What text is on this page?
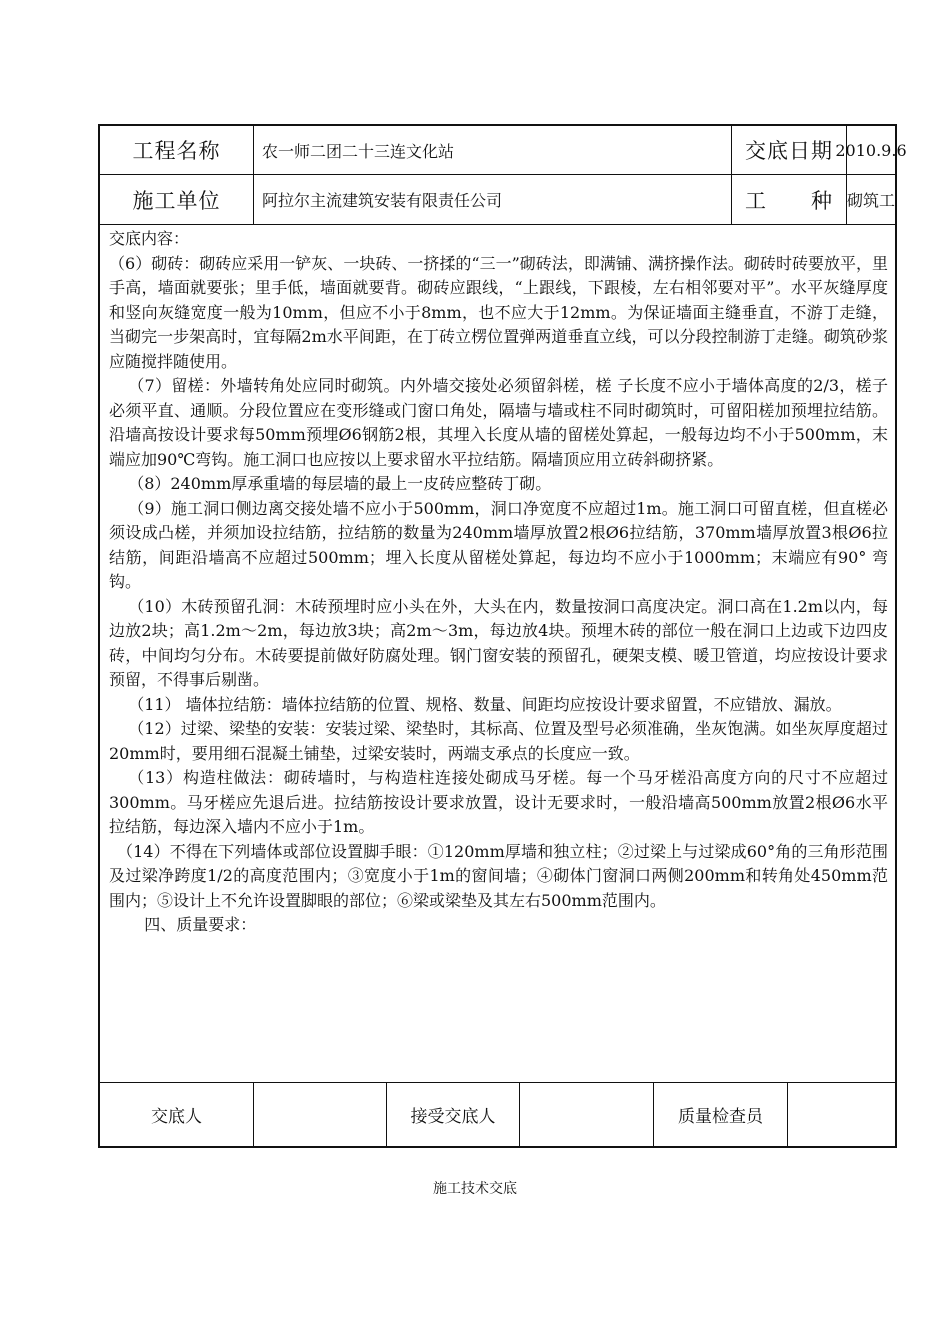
工程名称	农一师二团二十三连文化站	交底日期 2010.9.6
施工单位	阿拉尔主流建筑安装有限责任公司	工　　种 砌筑工
交底内容：

（6）砌砖：砌砖应采用一铲灰、一块砖、一挤揉的“三一”砌砖法，即满铺、满挤操作法。砌砖时砖要放平，里手高，墙面就要张；里手低，墙面就要背。砌砖应跟线，“上跟线，下跟棱，左右相邻要对平”。水平灰缝厚度和竖向灰缝宽度一般为10mm，但应不小于8mm，也不应大于12mm。为保证墙面主缝垂直，不游丁走缝，当砌完一步架高时，宜每隔2m水平间距，在丁砖立楞位置弹两道垂直立线，可以分段控制游丁走缝。砌筑砂浆应随搅拌随使用。

（7）留槎：外墙转角处应同时砌筑。内外墙交接处必须留斜槎，槎 子长度不应小于墙体高度的2/3，槎子必须平直、通顺。分段位置应在变形缝或门窗口角处，隔墙与墙或柱不同时砌筑时，可留阳槎加预埋拉结筋。沿墙高按设计要求每50mm预埋Ø6钢筋2根，其埋入长度从墙的留槎处算起，一般每边均不小于500mm，末端应加90℃弯钩。施工洞口也应按以上要求留水平拉结筋。隔墙顶应用立砖斜砌挤紧。

（8）240mm厚承重墙的每层墙的最上一皮砖应整砖丁砌。

（9）施工洞口侧边离交接处墙不应小于500mm，洞口净宽度不应超过1m。施工洞口可留直槎，但直槎必须设成凸槎，并须加设拉结筋，拉结筋的数量为240mm墙厚放置2根Ø6拉结筋，370mm墙厚放置3根Ø6拉结筋，间距沿墙高不应超过500mm；埋入长度从留槎处算起，每边均不应小于1000mm；末端应有90° 弯钩。

（10）木砖预留孔洞：木砖预埋时应小头在外，大头在内，数量按洞口高度决定。洞口高在1.2m以内，每边放2块；高1.2m～2m，每边放3块；高2m～3m，每边放4块。预埋木砖的部位一般在洞口上边或下边四皮砖，中间均匀分布。木砖要提前做好防腐处理。钢门窗安装的预留孔，硬架支模、暖卫管道，均应按设计要求预留，不得事后剔凿。

（11） 墙体拉结筋：墙体拉结筋的位置、规格、数量、间距均应按设计要求留置，不应错放、漏放。

（12）过梁、梁垫的安装：安装过梁、梁垫时，其标高、位置及型号必须准确，坐灰饱满。如坐灰厚度超过20mm时，要用细石混凝土铺垫，过梁安装时，两端支承点的长度应一致。

（13）构造柱做法：砌砖墙时，与构造柱连接处砌成马牙槎。每一个马牙槎沿高度方向的尺寸不应超过300mm。马牙槎应先退后进。拉结筋按设计要求放置，设计无要求时，一般沿墙高500mm放置2根Ø6水平拉结筋，每边深入墙内不应小于1m。

（14）不得在下列墙体或部位设置脚手眼：①120mm厚墙和独立柱；②过梁上与过梁成60°角的三角形范围及过梁净跨度1/2的高度范围内；③宽度小于1m的窗间墙；④砌体门窗洞口两侧200mm和转角处450mm范围内；⑤设计上不允许设置脚眼的部位；⑥梁或梁垫及其左右500mm范围内。

四、质量要求：

交底人	接受交底人	质量检查员
施工技术交底
